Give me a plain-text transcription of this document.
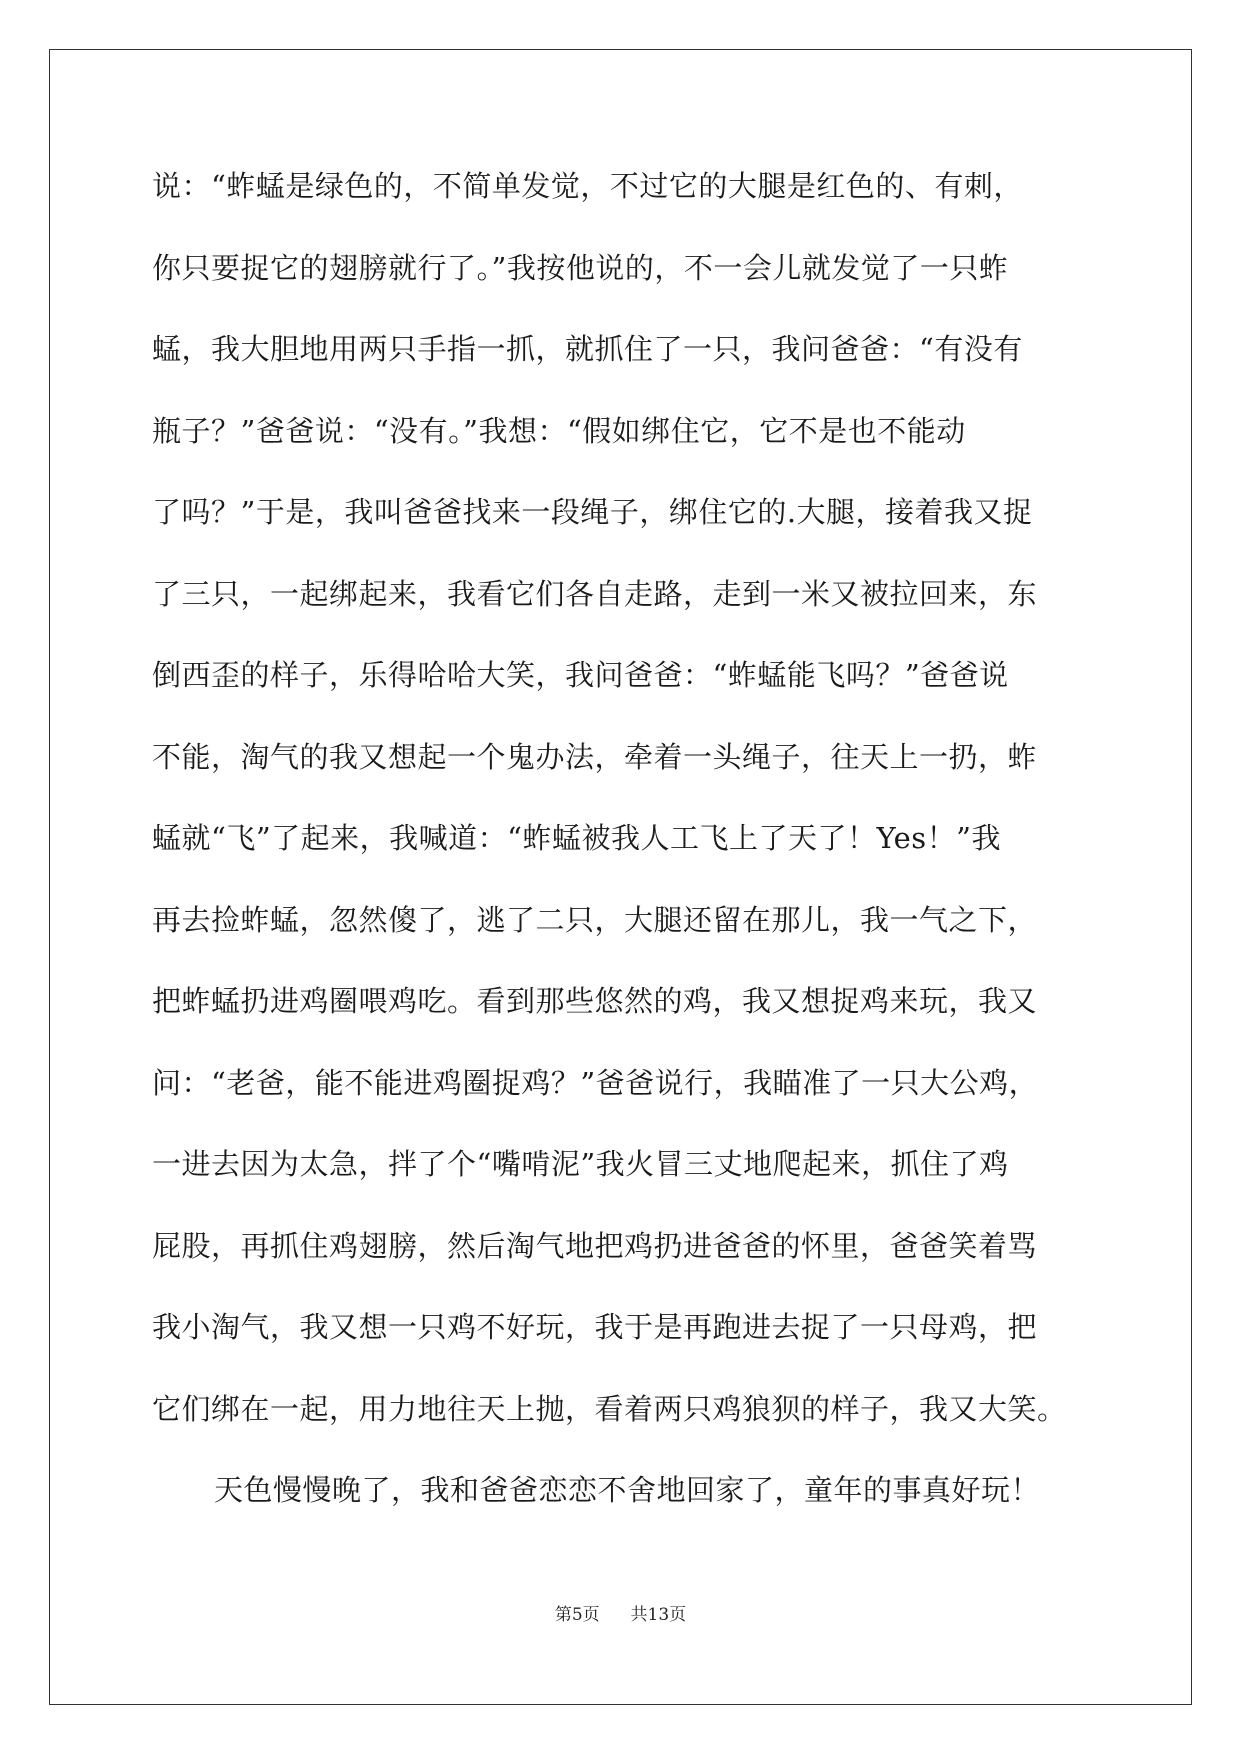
说：“蚱蜢是绿色的，不简单发觉，不过它的大腿是红色的、有刺，
你只要捉它的翅膀就行了。”我按他说的，不一会儿就发觉了一只蚱
蜢，我大胆地用两只手指一抓，就抓住了一只，我问爸爸：“有没有
瓶子？”爸爸说：“没有。”我想：“假如绑住它，它不是也不能动
了吗？”于是，我叫爸爸找来一段绳子，绑住它的.大腿，接着我又捉
了三只，一起绑起来，我看它们各自走路，走到一米又被拉回来，东
倒西歪的样子，乐得哈哈大笑，我问爸爸：“蚱蜢能飞吗？”爸爸说
不能，淘气的我又想起一个鬼办法，牵着一头绳子，往天上一扔，蚱
蜢就“飞”了起来，我喊道：“蚱蜢被我人工飞上了天了！Yes！”我
再去捡蚱蜢，忽然傻了，逃了二只，大腿还留在那儿，我一气之下，
把蚱蜢扔进鸡圈喂鸡吃。看到那些悠然的鸡，我又想捉鸡来玩，我又
问：“老爸，能不能进鸡圈捉鸡？”爸爸说行，我瞄准了一只大公鸡，
一进去因为太急，拌了个“嘴啃泥”我火冒三丈地爬起来，抓住了鸡
屁股，再抓住鸡翅膀，然后淘气地把鸡扔进爸爸的怀里，爸爸笑着骂
我小淘气，我又想一只鸡不好玩，我于是再跑进去捉了一只母鸡，把
它们绑在一起，用力地往天上抛，看着两只鸡狼狈的样子，我又大笑。
天色慢慢晚了，我和爸爸恋恋不舍地回家了，童年的事真好玩！
第5页 共13页
